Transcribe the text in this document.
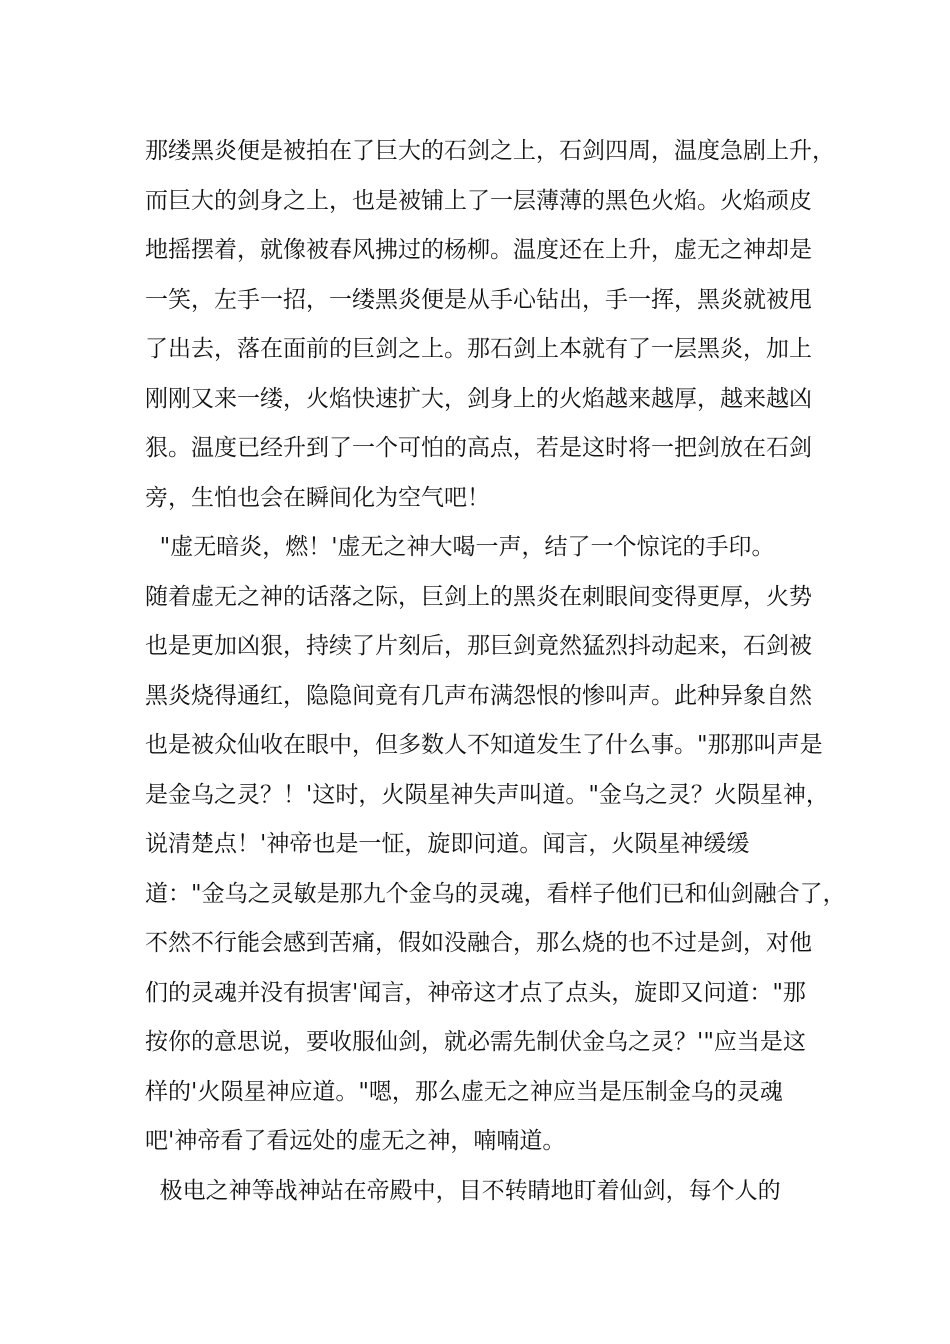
那缕黑炎便是被拍在了巨大的石剑之上，石剑四周，温度急剧上升，
而巨大的剑身之上，也是被铺上了一层薄薄的黑色火焰。火焰顽皮
地摇摆着，就像被春风拂过的杨柳。温度还在上升，虚无之神却是
一笑，左手一招，一缕黑炎便是从手心钻出，手一挥，黑炎就被甩
了出去，落在面前的巨剑之上。那石剑上本就有了一层黑炎，加上
刚刚又来一缕，火焰快速扩大，剑身上的火焰越来越厚，越来越凶
狠。温度已经升到了一个可怕的高点，若是这时将一把剑放在石剑
旁，生怕也会在瞬间化为空气吧！
"虚无暗炎，燃！'虚无之神大喝一声，结了一个惊诧的手印。
随着虚无之神的话落之际，巨剑上的黑炎在刺眼间变得更厚，火势
也是更加凶狠，持续了片刻后，那巨剑竟然猛烈抖动起来，石剑被
黑炎烧得通红，隐隐间竟有几声布满怨恨的惨叫声。此种异象自然
也是被众仙收在眼中，但多数人不知道发生了什么事。"那那叫声是
是金乌之灵？！'这时，火陨星神失声叫道。"金乌之灵？火陨星神，
说清楚点！'神帝也是一怔，旋即问道。闻言，火陨星神缓缓
道："金乌之灵敏是那九个金乌的灵魂，看样子他们已和仙剑融合了，
不然不行能会感到苦痛，假如没融合，那么烧的也不过是剑，对他
们的灵魂并没有损害'闻言，神帝这才点了点头，旋即又问道："那
按你的意思说，要收服仙剑，就必需先制伏金乌之灵？'"应当是这
样的'火陨星神应道。"嗯，那么虚无之神应当是压制金乌的灵魂
吧'神帝看了看远处的虚无之神，喃喃道。
极电之神等战神站在帝殿中，目不转睛地盯着仙剑，每个人的
